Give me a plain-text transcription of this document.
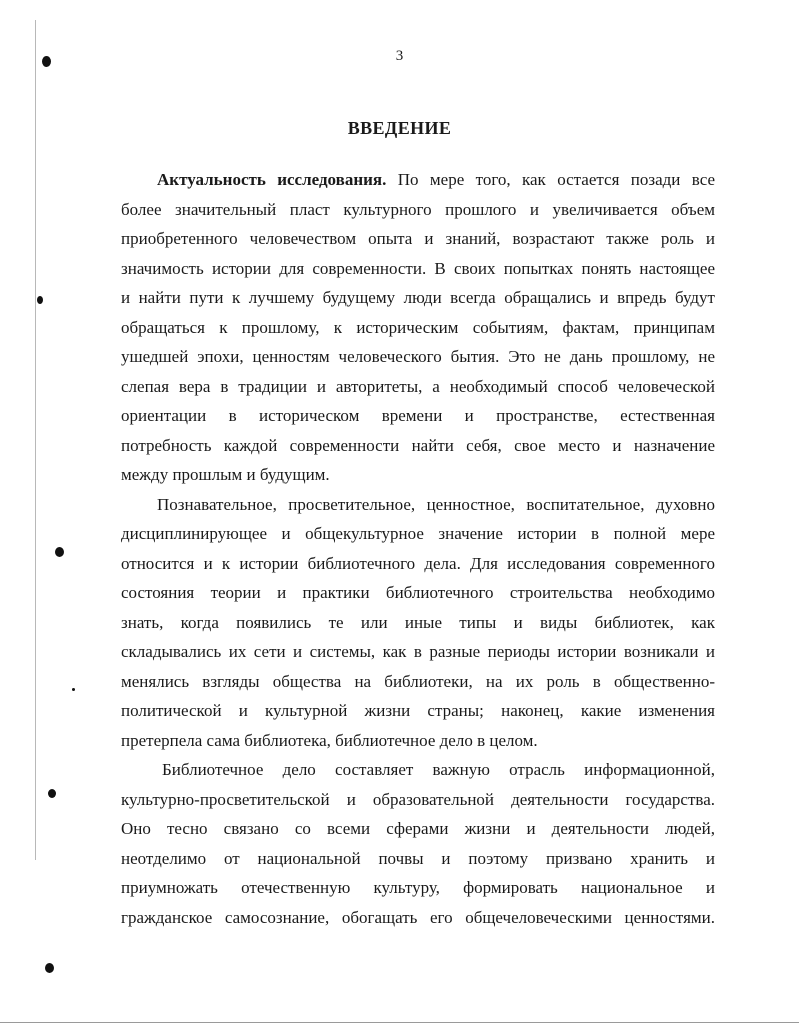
3
ВВЕДЕНИЕ

Актуальность исследования. По мере того, как остается позади все
более значительный пласт культурного прошлого и увеличивается объем
приобретенного человечеством опыта и знаний, возрастают также роль и
значимость истории для современности. В своих попытках понять настоящее
и найти пути к лучшему будущему люди всегда обращались и впредь будут
обращаться к прошлому, к историческим событиям, фактам, принципам
ушедшей эпохи, ценностям человеческого бытия. Это не дань прошлому, не
слепая вера в традиции и авторитеты, а необходимый способ человеческой
ориентации в историческом времени и пространстве, естественная
потребность каждой современности найти себя, свое место и назначение
между прошлым и будущим.

Познавательное, просветительное, ценностное, воспитательное, духовно
дисциплинирующее и общекультурное значение истории в полной мере
относится и к истории библиотечного дела. Для исследования современного
состояния теории и практики библиотечного строительства необходимо
знать, когда появились те или иные типы и виды библиотек, как
складывались их сети и системы, как в разные периоды истории возникали и
менялись взгляды общества на библиотеки, на их роль в общественно-
политической и культурной жизни страны; наконец, какие изменения
претерпела сама библиотека, библиотечное дело в целом.

Библиотечное дело составляет важную отрасль информационной,
культурно-просветительской и образовательной деятельности государства.
Оно тесно связано со всеми сферами жизни и деятельности людей,
неотделимо от национальной почвы и поэтому призвано хранить и
приумножать отечественную культуру, формировать национальное и
гражданское самосознание, обогащать его общечеловеческими ценностями.
